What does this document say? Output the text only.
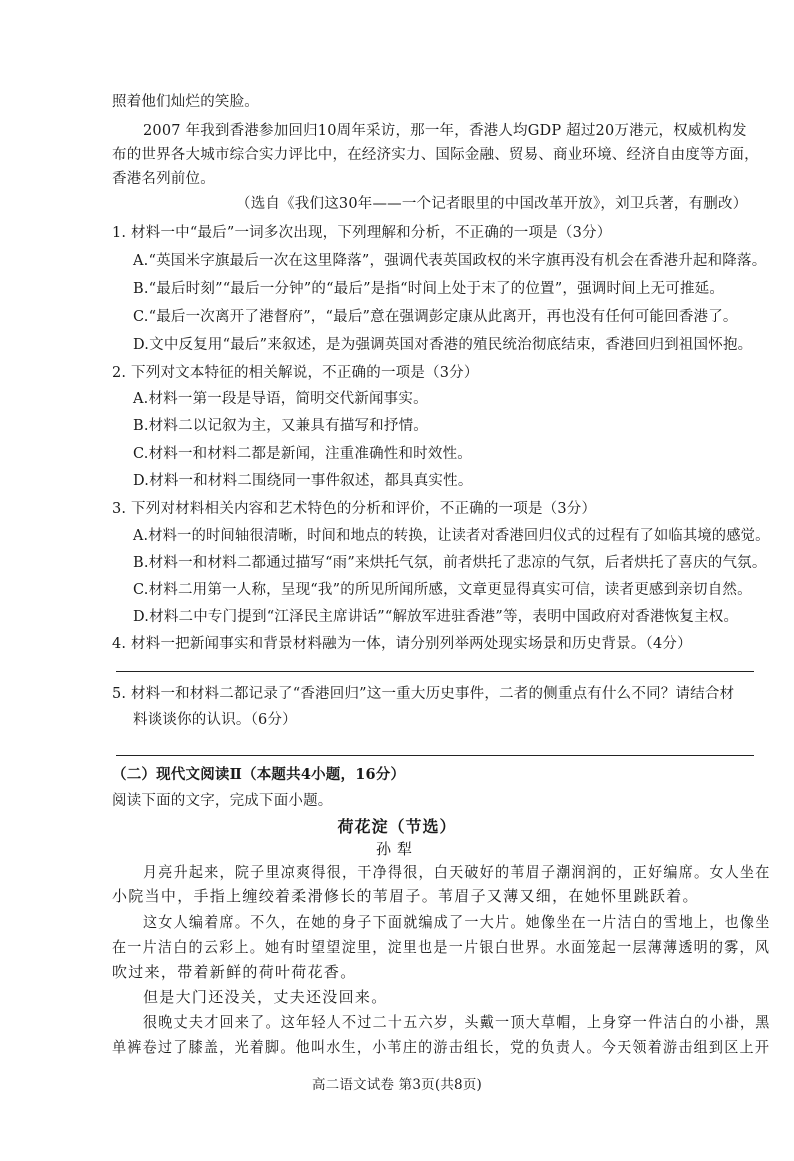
照着他们灿烂的笑脸。
2007 年我到香港参加回归10周年采访，那一年，香港人均GDP 超过20万港元，权威机构发
布的世界各大城市综合实力评比中，在经济实力、国际金融、贸易、商业环境、经济自由度等方面，
香港名列前位。
（选自《我们这30年——一个记者眼里的中国改革开放》，刘卫兵著，有删改）
1. 材料一中“最后”一词多次出现，下列理解和分析，不正确的一项是（3分）
A.“英国米字旗最后一次在这里降落”，强调代表英国政权的米字旗再没有机会在香港升起和降落。
B.“最后时刻”“最后一分钟”的“最后”是指“时间上处于末了的位置”，强调时间上无可推延。
C.“最后一次离开了港督府”，“最后”意在强调彭定康从此离开，再也没有任何可能回香港了。
D.文中反复用“最后”来叙述，是为强调英国对香港的殖民统治彻底结束，香港回归到祖国怀抱。
2. 下列对文本特征的相关解说，不正确的一项是（3分）
A.材料一第一段是导语，简明交代新闻事实。
B.材料二以记叙为主，又兼具有描写和抒情。
C.材料一和材料二都是新闻，注重准确性和时效性。
D.材料一和材料二围绕同一事件叙述，都具真实性。
3. 下列对材料相关内容和艺术特色的分析和评价，不正确的一项是（3分）
A.材料一的时间轴很清晰，时间和地点的转换，让读者对香港回归仪式的过程有了如临其境的感觉。
B.材料一和材料二都通过描写“雨”来烘托气氛，前者烘托了悲凉的气氛，后者烘托了喜庆的气氛。
C.材料二用第一人称，呈现“我”的所见所闻所感，文章更显得真实可信，读者更感到亲切自然。
D.材料二中专门提到“江泽民主席讲话”“解放军进驻香港”等，表明中国政府对香港恢复主权。
4. 材料一把新闻事实和背景材料融为一体，请分别列举两处现实场景和历史背景。（4分）
5. 材料一和材料二都记录了“香港回归”这一重大历史事件，二者的侧重点有什么不同？请结合材
料谈谈你的认识。（6分）
（二）现代文阅读Ⅱ（本题共4小题，16分）
阅读下面的文字，完成下面小题。
荷花淀（节选）
孙犁
月亮升起来，院子里凉爽得很，干净得很，白天破好的苇眉子潮润润的，正好编席。女人坐在
小院当中，手指上缠绞着柔滑修长的苇眉子。苇眉子又薄又细，在她怀里跳跃着。
这女人编着席。不久，在她的身子下面就编成了一大片。她像坐在一片洁白的雪地上，也像坐
在一片洁白的云彩上。她有时望望淀里，淀里也是一片银白世界。水面笼起一层薄薄透明的雾，风
吹过来，带着新鲜的荷叶荷花香。
但是大门还没关，丈夫还没回来。
很晚丈夫才回来了。这年轻人不过二十五六岁，头戴一顶大草帽，上身穿一件洁白的小褂，黑
单裤卷过了膝盖，光着脚。他叫水生，小苇庄的游击组长，党的负责人。今天领着游击组到区上开
高二语文试卷 第3页(共8页)
